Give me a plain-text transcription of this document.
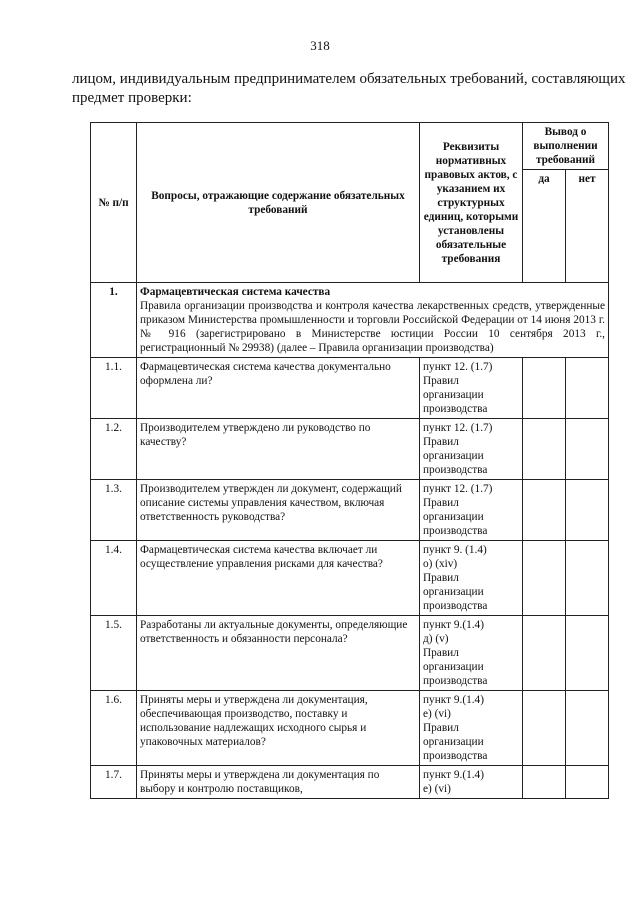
318
лицом, индивидуальным предпринимателем обязательных требований, составляющих предмет проверки:
№ п/п	Вопросы, отражающие содержание обязательных требований	Реквизиты нормативных правовых актов, с указанием их структурных единиц, которыми установлены обязательные требования	Вывод о выполнении требований	
			да	нет
1.	Фармацевтическая система качества
Правила организации производства и контроля качества лекарственных средств, утвержденные приказом Министерства промышленности и торговли Российской Федерации от 14 июня 2013 г. № 916 (зарегистрировано в Министерстве юстиции России 10 сентября 2013 г., регистрационный № 29938) (далее – Правила организации производства)			

1.1.	Фармацевтическая система качества документально оформлена ли?	пункт 12. (1.7)
Правил
организации
производства		
1.2.	Производителем утверждено ли руководство по качеству?	пункт 12. (1.7)
Правил
организации
производства		
1.3.	Производителем утвержден ли документ, содержащий описание системы управления качеством, включая ответственность руководства?	пункт 12. (1.7)
Правил
организации
производства		
1.4.	Фармацевтическая система качества включает ли осуществление управления рисками для качества?	пункт 9. (1.4)
о) (xiv)
Правил
организации
производства		
1.5.	Разработаны ли актуальные документы, определяющие ответственность и обязанности персонала?	пункт 9.(1.4)
д) (v)
Правил
организации
производства		
1.6.	Приняты меры и утверждена ли документация, обеспечивающая производство, поставку и использование надлежащих исходного сырья и упаковочных материалов?	пункт 9.(1.4)
е) (vi)
Правил
организации
производства		
1.7.	Приняты меры и утверждена ли документация по выбору и контролю поставщиков,	пункт 9.(1.4)
е) (vi)		
